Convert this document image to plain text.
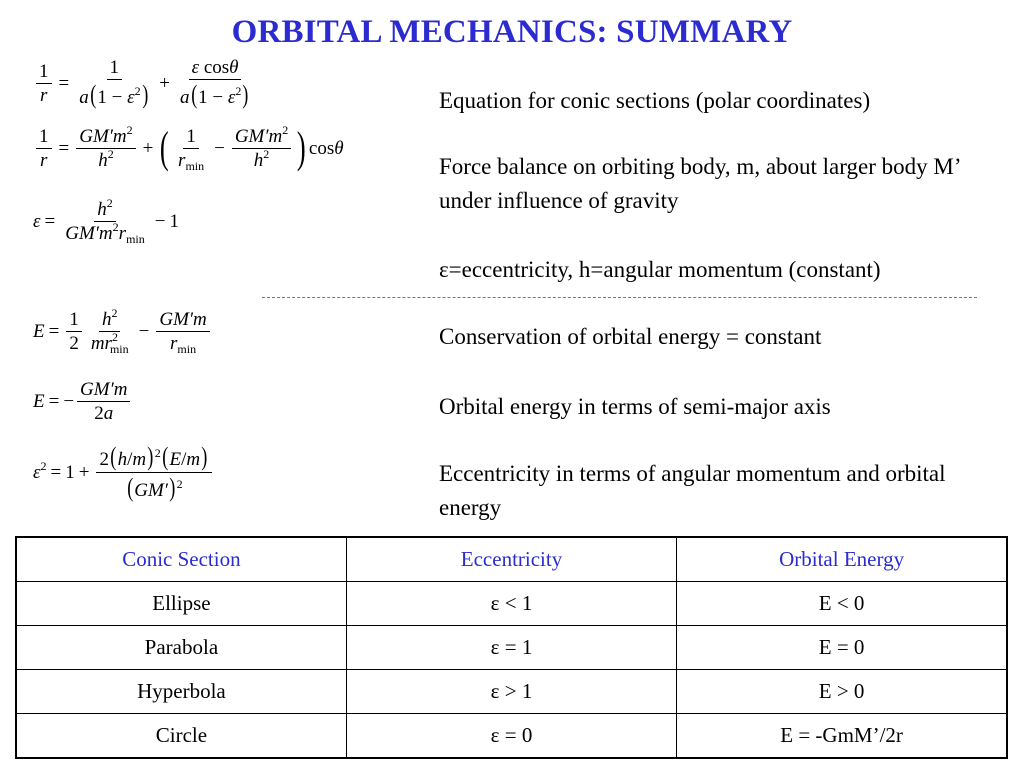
ORBITAL MECHANICS: SUMMARY
$\frac{1}{r} = \frac{1}{a(1 - \varepsilon^2)} + \frac{\text{ε cosθ}}{a(1 - \varepsilon^2)}$
$\frac{1}{r} = \frac{GM'm^2}{h^2}$ + ( $\frac{1}{r_{min}} - \frac{GM'm^2}{h^2}$ ) cosθ
$\varepsilon = \frac{h^2}{GM'm^2r_{min}} - 1$
$E = \frac{1}{2} \frac{h^2}{mr^2_{min}} - \frac{GM'm}{r_{min}}$
E = − $\frac{GM'm}{2a}$
$\varepsilon^2 = 1 + \frac{2(h/m)^2(E/m)}{(GM')^2}$
Equation for conic sections (polar coordinates)
Force balance on orbiting body, m, about larger body M’ under influence of gravity
ε=eccentricity, h=angular momentum (constant)
Conservation of orbital energy = constant
Orbital energy in terms of semi-major axis
Eccentricity in terms of angular momentum and orbital energy
Conic Section	Eccentricity	Orbital Energy
Ellipse	ε < 1	E < 0
Parabola	ε = 1	E = 0
Hyperbola	ε > 1	E > 0
Circle	ε = 0	E = -GmM’/2r
